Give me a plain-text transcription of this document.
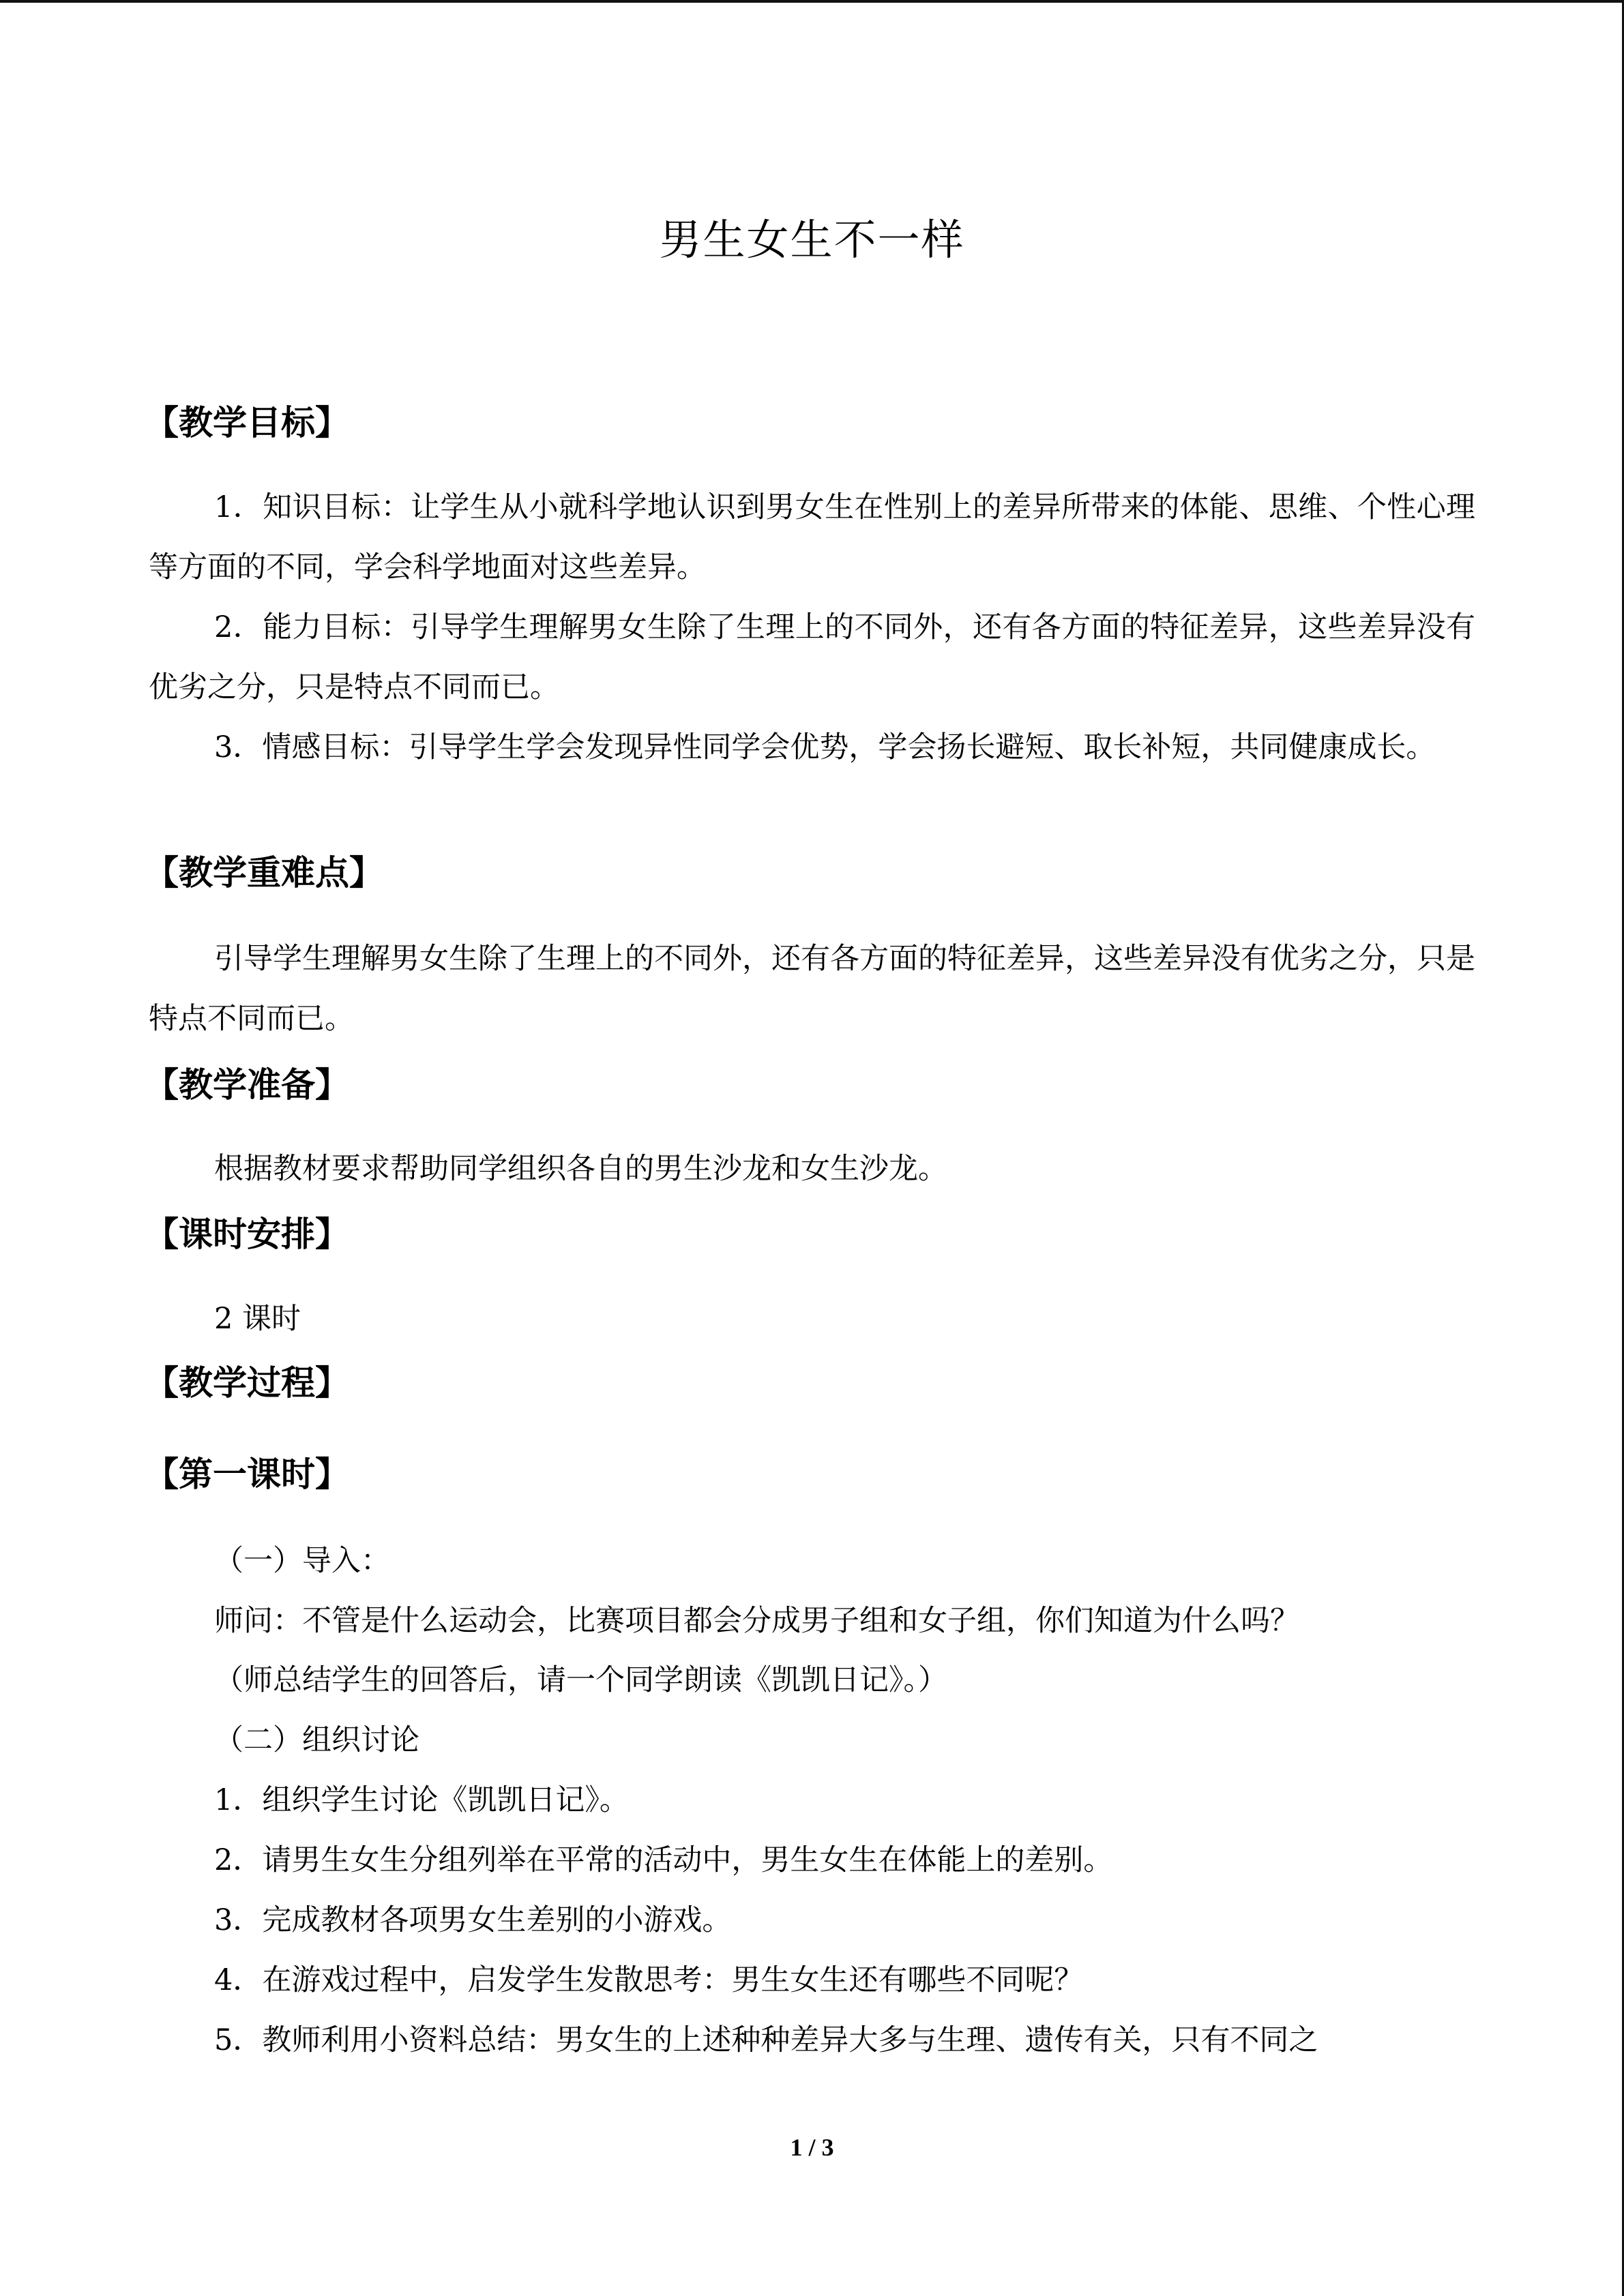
男生女生不一样
【教学目标】
1．知识目标：让学生从小就科学地认识到男女生在性别上的差异所带来的体能、思维、个性心理等方面的不同，学会科学地面对这些差异。
2．能力目标：引导学生理解男女生除了生理上的不同外，还有各方面的特征差异，这些差异没有优劣之分，只是特点不同而已。
3．情感目标：引导学生学会发现异性同学会优势，学会扬长避短、取长补短，共同健康成长。
【教学重难点】
引导学生理解男女生除了生理上的不同外，还有各方面的特征差异，这些差异没有优劣之分，只是特点不同而已。
【教学准备】
根据教材要求帮助同学组织各自的男生沙龙和女生沙龙。
【课时安排】
2 课时
【教学过程】
【第一课时】
（一）导入：
师问：不管是什么运动会，比赛项目都会分成男子组和女子组，你们知道为什么吗？
（师总结学生的回答后，请一个同学朗读《凯凯日记》。）
（二）组织讨论
1．组织学生讨论《凯凯日记》。
2．请男生女生分组列举在平常的活动中，男生女生在体能上的差别。
3．完成教材各项男女生差别的小游戏。
4．在游戏过程中，启发学生发散思考：男生女生还有哪些不同呢？
5．教师利用小资料总结：男女生的上述种种差异大多与生理、遗传有关，只有不同之
1 / 3
